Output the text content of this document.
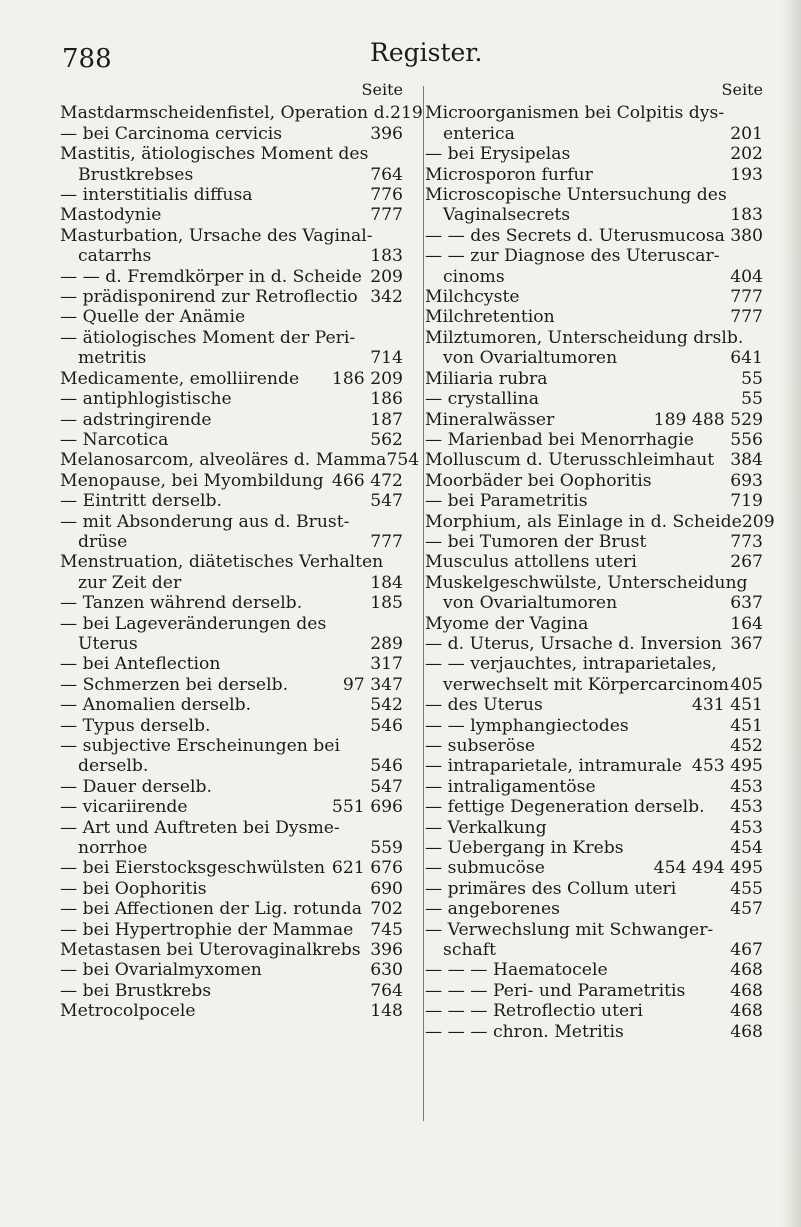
788	Register.
Seite
Mastdarmscheidenfistel, Operation d. 219
— bei Carcinoma cervicis	396
Mastitis, ätiologisches Moment des
Brustkrebses	764
— interstitialis diffusa	776
Mastodynie	777
Masturbation, Ursache des Vaginal-
catarrhs	183
— — d. Fremdkörper in d. Scheide 209
— prädisponirend zur Retroflectio 342
— Quelle der Anämie
— ätiologisches Moment der Peri-
metritis	714
Medicamente, emolliirende 186 209
— antiphlogistische	186
— adstringirende	187
— Narcotica	562
Melanosarcom, alveoläres d. Mamma 754
Menopause, bei Myombildung 466 472
— Eintritt derselb.	547
— mit Absonderung aus d. Brust-
drüse	777
Menstruation, diätetisches Verhalten
zur Zeit der	184
— Tanzen während derselb.	185
— bei Lageveränderungen des
Uterus	289
— bei Anteflection	317
— Schmerzen bei derselb.	97 347
— Anomalien derselb.	542
— Typus derselb.	546
— subjective Erscheinungen bei
derselb.	546
— Dauer derselb.	547
— vicariirende	551 696
— Art und Auftreten bei Dysme-
norrhoe	559
— bei Eierstocksgeschwülsten 621 676
— bei Oophoritis	690
— bei Affectionen der Lig. rotunda 702
— bei Hypertrophie der Mammae 745
Metastasen bei Uterovaginalkrebs 396
— bei Ovarialmyxomen	630
— bei Brustkrebs	764
Metrocolpocele	148
Seite
Microorganismen bei Colpitis dys-
enterica	201
— bei Erysipelas	202
Microsporon furfur	193
Microscopische Untersuchung des
Vaginalsecrets	183
— — des Secrets d. Uterusmucosa 380
— — zur Diagnose des Uteruscar-
cinoms	404
Milchcyste	777
Milchretention	777
Milztumoren, Unterscheidung drslb.
von Ovarialtumoren	641
Miliaria rubra	55
— crystallina	55
Mineralwässer	189 488 529
— Marienbad bei Menorrhagie 556
Molluscum d. Uterusschleimhaut 384
Moorbäder bei Oophoritis	693
— bei Parametritis	719
Morphium, als Einlage in d. Scheide 209
— bei Tumoren der Brust	773
Musculus attollens uteri	267
Muskelgeschwülste, Unterscheidung
von Ovarialtumoren	637
Myome der Vagina	164
— d. Uterus, Ursache d. Inversion 367
— — verjauchtes, intraparietales,
verwechselt mit Körpercarcinom 405
— des Uterus	431 451
— — lymphangiectodes	451
— subseröse	452
— intraparietale, intramurale 453 495
— intraligamentöse	453
— fettige Degeneration derselb. 453
— Verkalkung	453
— Uebergang in Krebs	454
— submucöse	454 494 495
— primäres des Collum uteri	455
— angeborenes	457
— Verwechslung mit Schwanger-
schaft	467
— — — Haematocele	468
— — — Peri- und Parametritis	468
— — — Retroflectio uteri	468
— — — chron. Metritis	468
